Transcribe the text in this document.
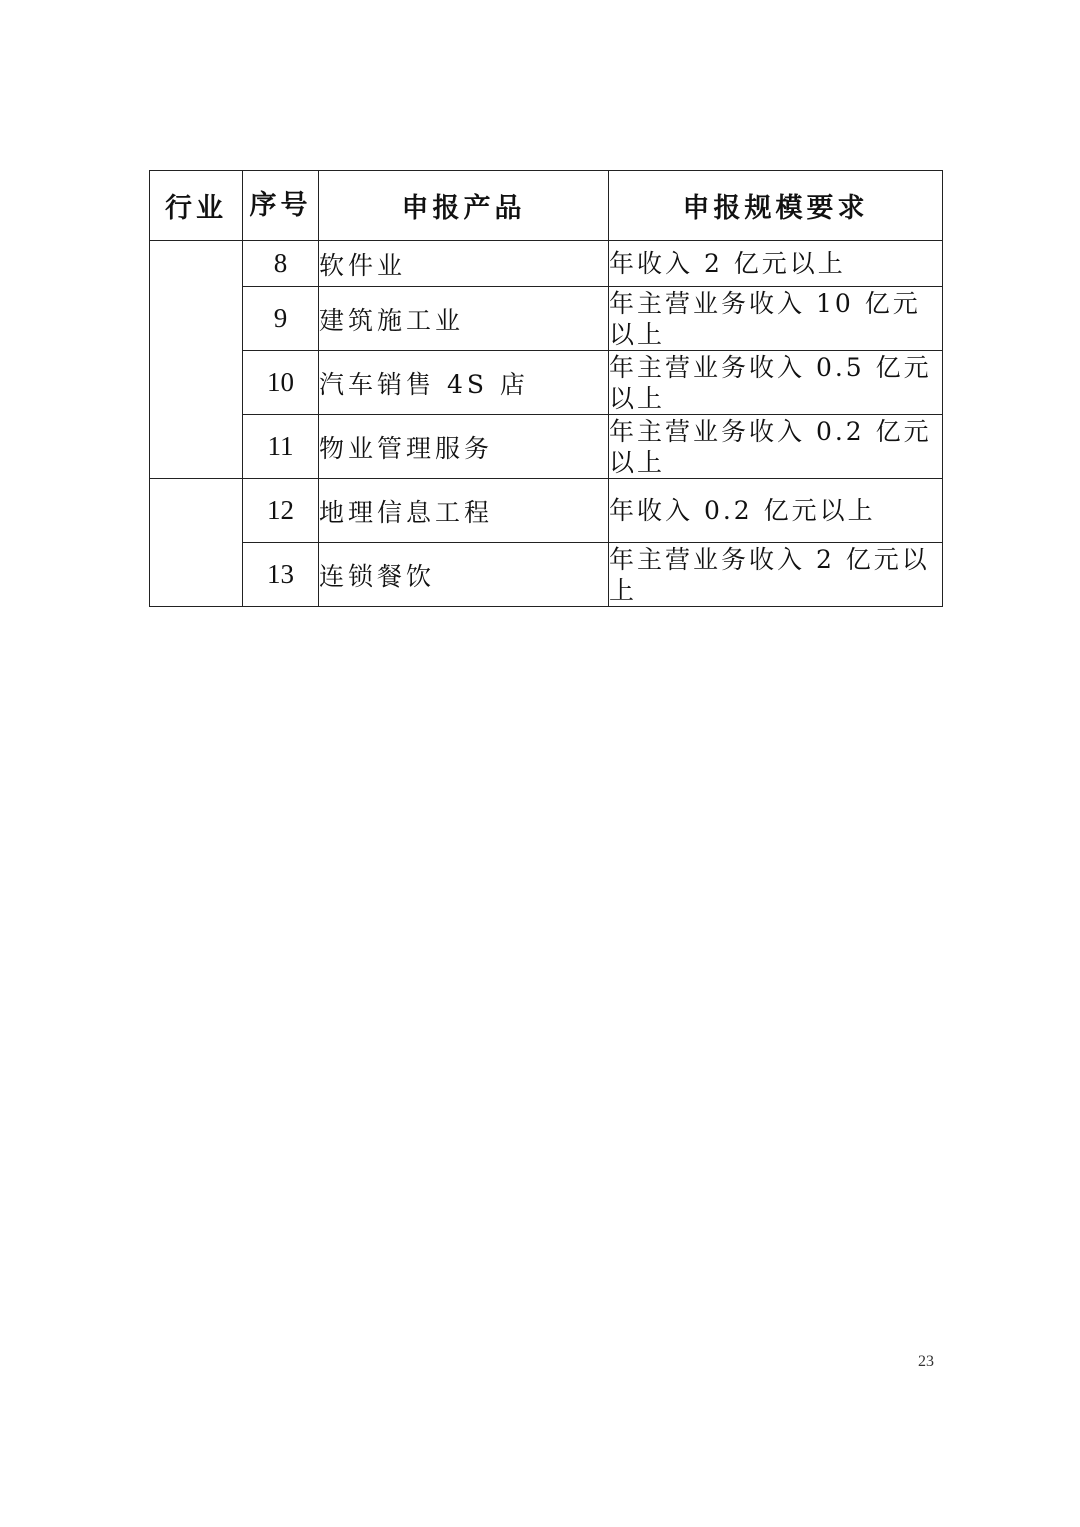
行业	序号	申报产品	申报规模要求
	8	软件业	年收入 2 亿元以上
	9	建筑施工业	年主营业务收入 10 亿元以上
	10	汽车销售 4S 店	年主营业务收入 0.5 亿元以上
	11	物业管理服务	年主营业务收入 0.2 亿元以上
	12	地理信息工程	年收入 0.2 亿元以上
	13	连锁餐饮	年主营业务收入 2 亿元以上
23
